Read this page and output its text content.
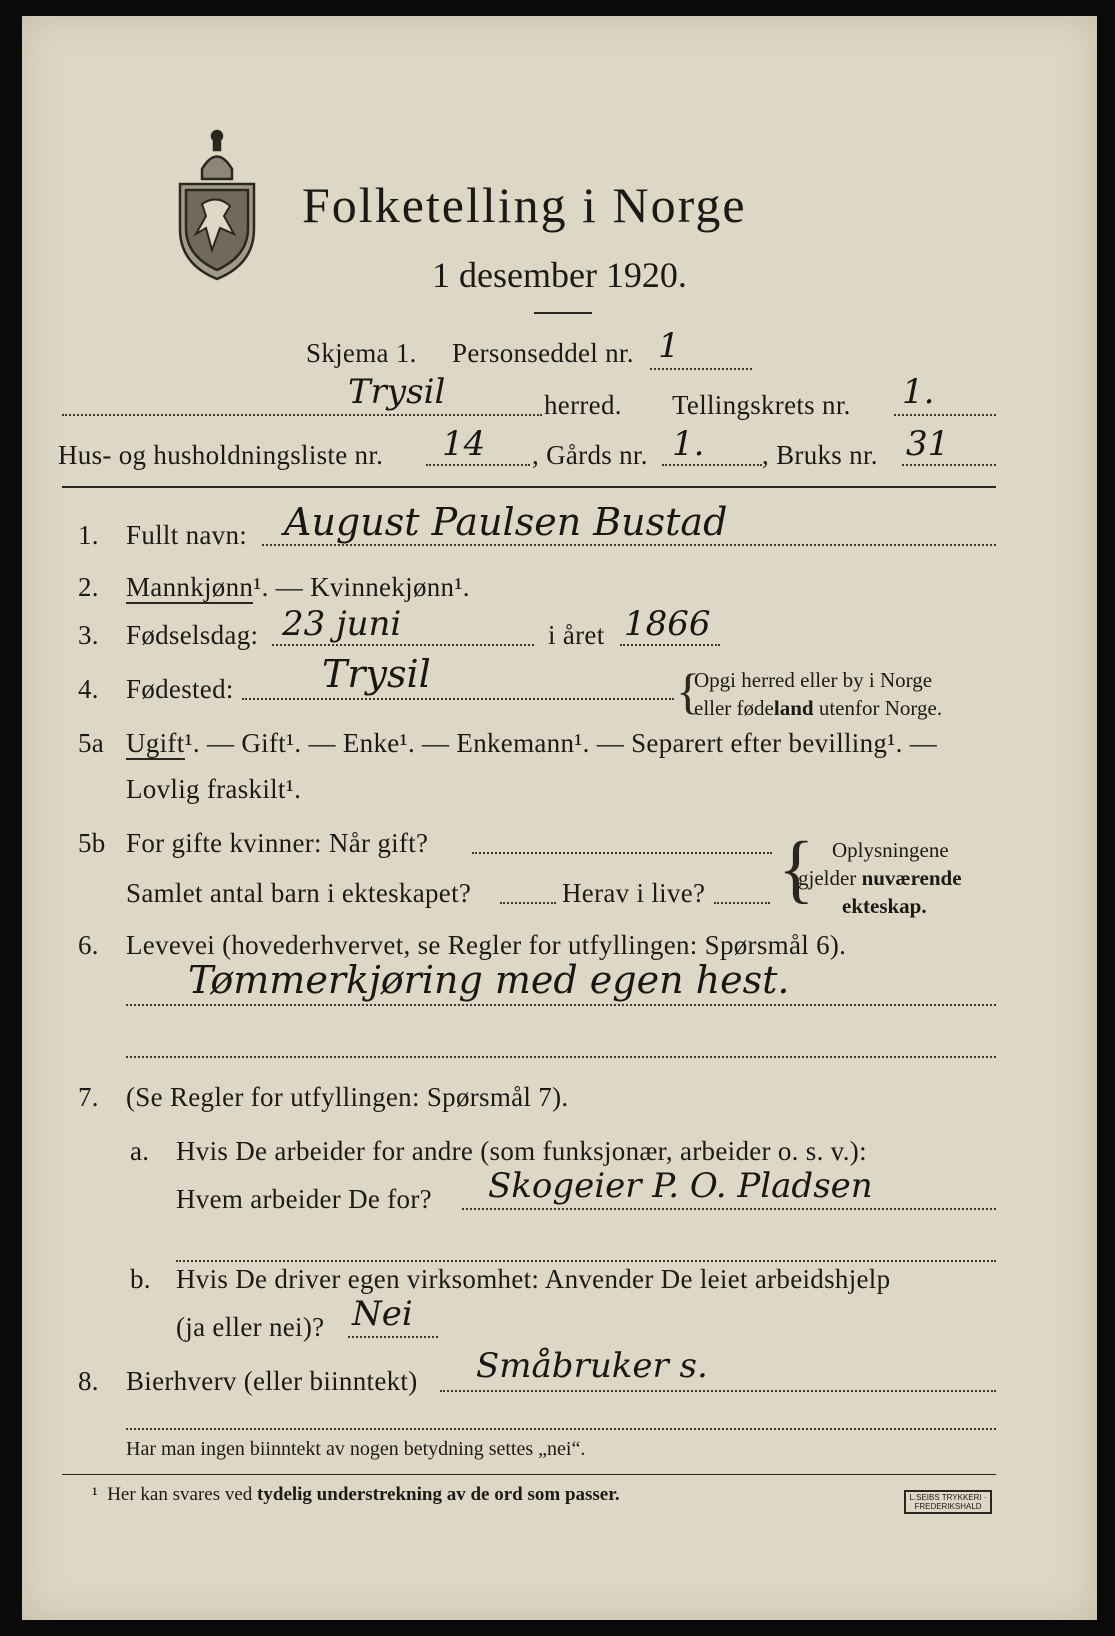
Folketelling i Norge
1 desember 1920.
Skjema 1. Personseddel nr. 1
Trysil	herred. Tellingskrets nr. 1.
Hus- og husholdningsliste nr. 14 , Gårds nr. 1. , Bruks nr. 31
1. Fullt navn: August Paulsen Bustad
2. Mannkjønn¹. — Kvinnekjønn¹.
3. Fødselsdag: 23 juni	i året 1866
4. Fødested: Trysil	{
Opgi herred eller by i Norge
eller fødeland utenfor Norge.
5a Ugift¹. — Gift¹. — Enke¹. — Enkemann¹. — Separert efter bevilling¹. —
Lovlig fraskilt¹.
5b For gifte kvinner: Når gift?
Samlet antal barn i ekteskapet?	Herav i live? { Oplysningene
gjelder nuværende
ekteskap.
6. Levevei (hovederhvervet, se Regler for utfyllingen: Spørsmål 6).
Tømmerkjøring med egen hest.
7. (Se Regler for utfyllingen: Spørsmål 7).
a. Hvis De arbeider for andre (som funksjonær, arbeider o. s. v.):
Hvem arbeider De for? Skogeier P. O. Pladsen
b. Hvis De driver egen virksomhet: Anvender De leiet arbeidshjelp
(ja eller nei)? Nei
8. Bierhverv (eller biinntekt) Småbruker s.
Har man ingen biinntekt av nogen betydning settes „nei“.
¹ Her kan svares ved tydelig understrekning av de ord som passer.	L.SEIBS TRYKKERI · FREDERIKSHALD
